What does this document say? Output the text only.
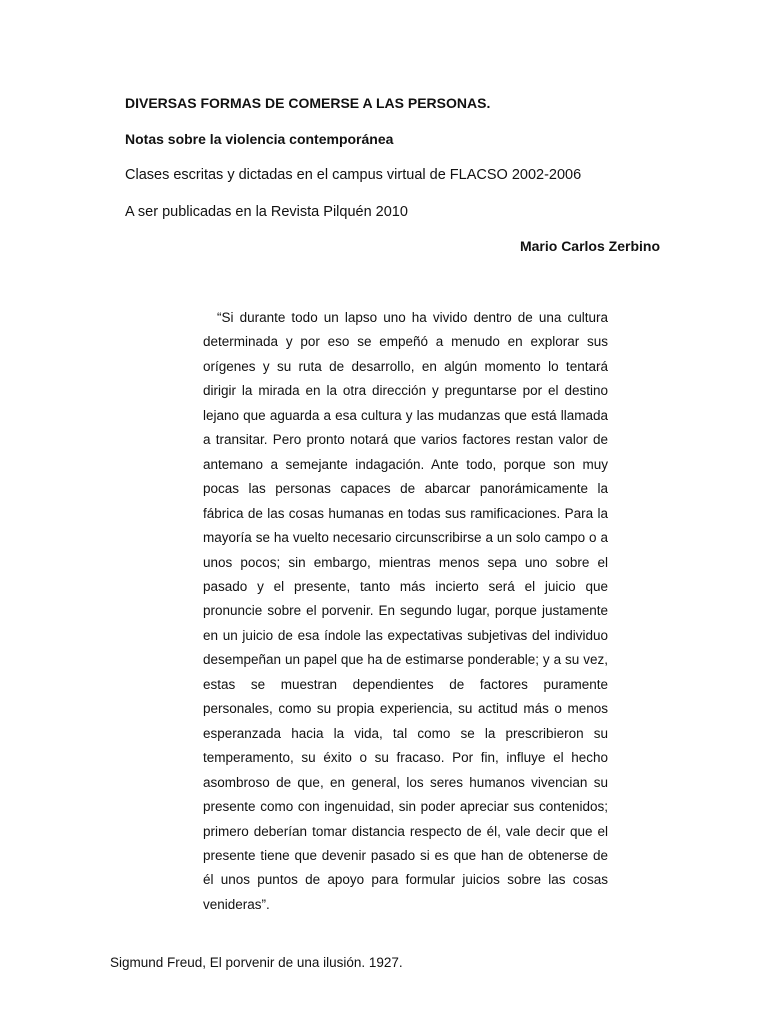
DIVERSAS FORMAS DE COMERSE A LAS PERSONAS.
Notas sobre la violencia contemporánea
Clases escritas y dictadas en el campus virtual de FLACSO 2002-2006
A ser publicadas en la Revista Pilquén 2010
Mario Carlos Zerbino

“Si durante todo un lapso uno ha vivido dentro de una cultura determinada y por eso se empeñó a menudo en explorar sus orígenes y su ruta de desarrollo, en algún momento lo tentará dirigir la mirada en la otra dirección y preguntarse por el destino lejano que aguarda a esa cultura y las mudanzas que está llamada a transitar. Pero pronto notará que varios factores restan valor de antemano a semejante indagación. Ante todo, porque son muy pocas las personas capaces de abarcar panorámicamente la fábrica de las cosas humanas en todas sus ramificaciones. Para la mayoría se ha vuelto necesario circunscribirse a un solo campo o a unos pocos; sin embargo, mientras menos sepa uno sobre el pasado y el presente, tanto más incierto será el juicio que pronuncie sobre el porvenir. En segundo lugar, porque justamente en un juicio de esa índole las expectativas subjetivas del individuo desempeñan un papel que ha de estimarse ponderable; y a su vez, estas se muestran dependientes de factores puramente personales, como su propia experiencia, su actitud más o menos esperanzada hacia la vida, tal como se la prescribieron su temperamento, su éxito o su fracaso. Por fin, influye el hecho asombroso de que, en general, los seres humanos vivencian su presente como con ingenuidad, sin poder apreciar sus contenidos; primero deberían tomar distancia respecto de él, vale decir que el presente tiene que devenir pasado si es que han de obtenerse de él unos puntos de apoyo para formular juicios sobre las cosas venideras”.

Sigmund Freud, El porvenir de una ilusión. 1927.
